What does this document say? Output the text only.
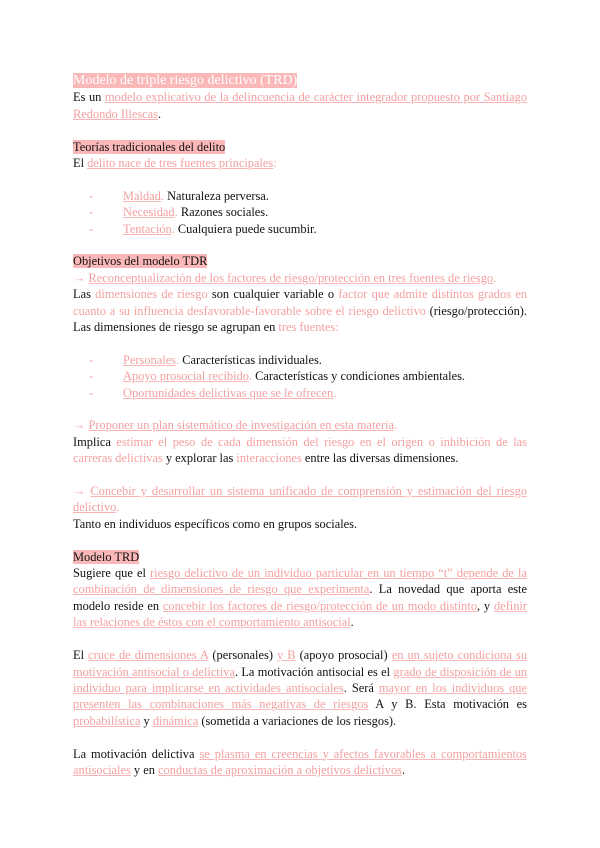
Modelo de triple riesgo delictivo (TRD)
Es un modelo explicativo de la delincuencia de carácter integrador propuesto por Santiago Redondo Illescas.
Teorías tradicionales del delito
El delito nace de tres fuentes principales:
-	Maldad. Naturaleza perversa.
-	Necesidad. Razones sociales.
-	Tentación. Cualquiera puede sucumbir.
Objetivos del modelo TDR
→ Reconceptualización de los factores de riesgo/protección en tres fuentes de riesgo.
Las dimensiones de riesgo son cualquier variable o factor que admite distintos grados en cuanto a su influencia desfavorable-favorable sobre el riesgo delictivo (riesgo/protección). Las dimensiones de riesgo se agrupan en tres fuentes:
-	Personales. Características individuales.
-	Apoyo prosocial recibido. Características y condiciones ambientales.
-	Oportunidades delictivas que se le ofrecen.
→ Proponer un plan sistemático de investigación en esta materia.
Implica estimar el peso de cada dimensión del riesgo en el origen o inhibición de las carreras delictivas y explorar las interacciones entre las diversas dimensiones.
→ Concebir y desarrollar un sistema unificado de comprensión y estimación del riesgo delictivo.
Tanto en individuos específicos como en grupos sociales.
Modelo TRD
Sugiere que el riesgo delictivo de un individuo particular en un tiempo “t” depende de la combinación de dimensiones de riesgo que experimenta. La novedad que aporta este modelo reside en concebir los factores de riesgo/protección de un modo distinto, y definir las relaciones de éstos con el comportamiento antisocial.
El cruce de dimensiones A (personales) y B (apoyo prosocial) en un sujeto condiciona su motivación antisocial o delictiva. La motivación antisocial es el grado de disposición de un individuo para implicarse en actividades antisociales. Será mayor en los individuos que presenten las combinaciones más negativas de riesgos A y B. Esta motivación es probabilística y dinámica (sometida a variaciones de los riesgos).
La motivación delictiva se plasma en creencias y afectos favorables a comportamientos antisociales y en conductas de aproximación a objetivos delictivos.
